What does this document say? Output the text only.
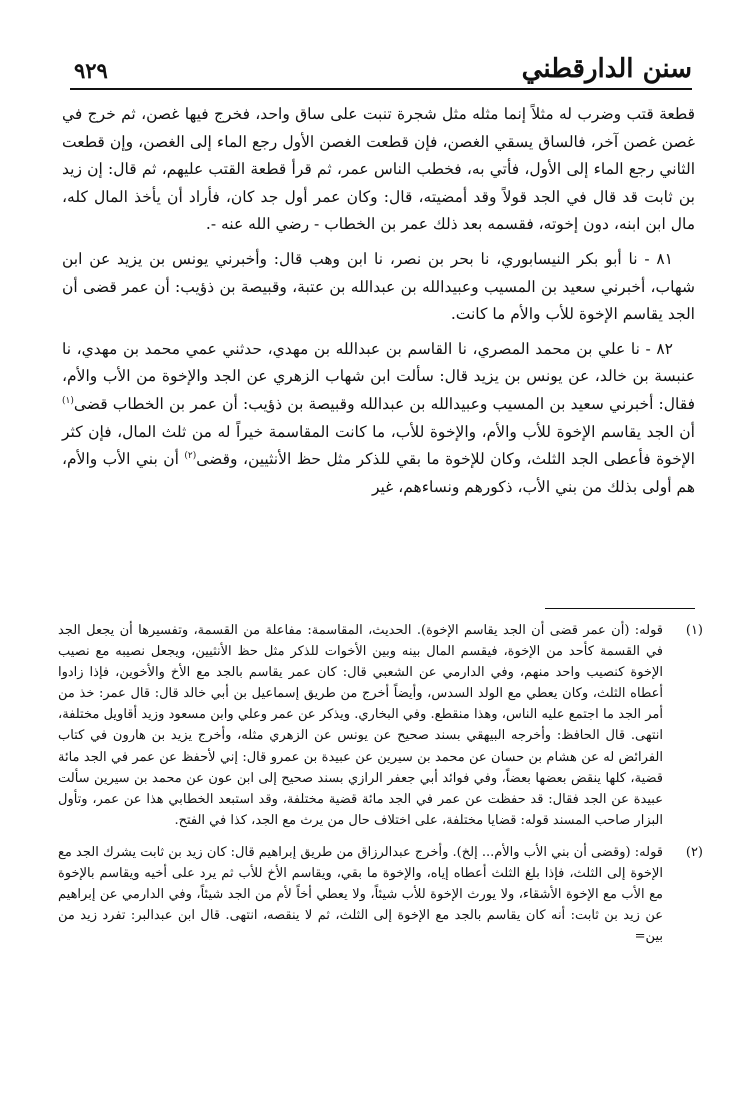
سنن الدارقطني
٩٢٩

قطعة قتب وضرب له مثلاً إنما مثله مثل شجرة تنبت على ساق واحد، فخرج فيها غصن، ثم خرج في غصن غصن آخر، فالساق يسقي الغصن، فإن قطعت الغصن الأول رجع الماء إلى الغصن، وإن قطعت الثاني رجع الماء إلى الأول، فأتي به، فخطب الناس عمر، ثم قرأ قطعة القتب عليهم، ثم قال: إن زيد بن ثابت قد قال في الجد قولاً وقد أمضيته، قال: وكان عمر أول جد كان، فأراد أن يأخذ المال كله، مال ابن ابنه، دون إخوته، فقسمه بعد ذلك عمر بن الخطاب - رضي الله عنه -.

٨١ - نا أبو بكر النيسابوري، نا بحر بن نصر، نا ابن وهب قال: وأخبرني يونس بن يزيد عن ابن شهاب، أخبرني سعيد بن المسيب وعبيدالله بن عبدالله بن عتبة، وقبيصة بن ذؤيب: أن عمر قضى أن الجد يقاسم الإخوة للأب والأم ما كانت.

٨٢ - نا علي بن محمد المصري، نا القاسم بن عبدالله بن مهدي، حدثني عمي محمد بن مهدي، نا عنبسة بن خالد، عن يونس بن يزيد قال: سألت ابن شهاب الزهري عن الجد والإخوة من الأب والأم، فقال: أخبرني سعيد بن المسيب وعبيدالله بن عبدالله وقبيصة بن ذؤيب: أن عمر بن الخطاب قضى$^{(١)}$ أن الجد يقاسم الإخوة للأب والأم، والإخوة للأب، ما كانت المقاسمة خيراً له من ثلث المال، فإن كثر الإخوة فأعطى الجد الثلث، وكان للإخوة ما بقي للذكر مثل حظ الأنثيين، وقضى$^{(٢)}$ أن بني الأب والأم، هم أولى بذلك من بني الأب، ذكورهم ونساءهم، غير

(١)
قوله: (أن عمر قضى أن الجد يقاسم الإخوة). الحديث، المقاسمة: مفاعلة من القسمة، وتفسيرها أن يجعل الجد في القسمة كأحد من الإخوة، فيقسم المال بينه وبين الأخوات للذكر مثل حظ الأنثيين، ويجعل نصيبه مع نصيب الإخوة كنصيب واحد منهم، وفي الدارمي عن الشعبي قال: كان عمر يقاسم بالجد مع الأخ والأخوين، فإذا زادوا أعطاه الثلث، وكان يعطي مع الولد السدس، وأيضاً أخرج من طريق إسماعيل بن أبي خالد قال: قال عمر: خذ من أمر الجد ما اجتمع عليه الناس، وهذا منقطع. وفي البخاري. ويذكر عن عمر وعلي وابن مسعود وزيد أقاويل مختلفة، انتهى. قال الحافظ: وأخرجه البيهقي بسند صحيح عن يونس عن الزهري مثله، وأخرج يزيد بن هارون في كتاب الفرائض له عن هشام بن حسان عن محمد بن سيرين عن عبيدة بن عمرو قال: إني لأحفظ عن عمر في الجد مائة قضية، كلها ينقض بعضها بعضاً، وفي فوائد أبي جعفر الرازي بسند صحيح إلى ابن عون عن محمد بن سيرين سألت عبيدة عن الجد فقال: قد حفظت عن عمر في الجد مائة قضية مختلفة، وقد استبعد الخطابي هذا عن عمر، وتأول البزار صاحب المسند قوله: قضايا مختلفة، على اختلاف حال من يرث مع الجد، كذا في الفتح.
(٢)
قوله: (وقضى أن بني الأب والأم... إلخ). وأخرج عبدالرزاق من طريق إبراهيم قال: كان زيد بن ثابت يشرك الجد مع الإخوة إلى الثلث، فإذا بلغ الثلث أعطاه إياه، والإخوة ما بقي، ويقاسم الأخ للأب ثم يرد على أخيه ويقاسم بالإخوة مع الأب مع الإخوة الأشقاء، ولا يورث الإخوة للأب شيئاً، ولا يعطي أخاً لأم من الجد شيئاً، وفي الدارمي عن إبراهيم عن زيد بن ثابت: أنه كان يقاسم بالجد مع الإخوة إلى الثلث، ثم لا ينقصه، انتهى. قال ابن عبدالبر: تفرد زيد من بين=
